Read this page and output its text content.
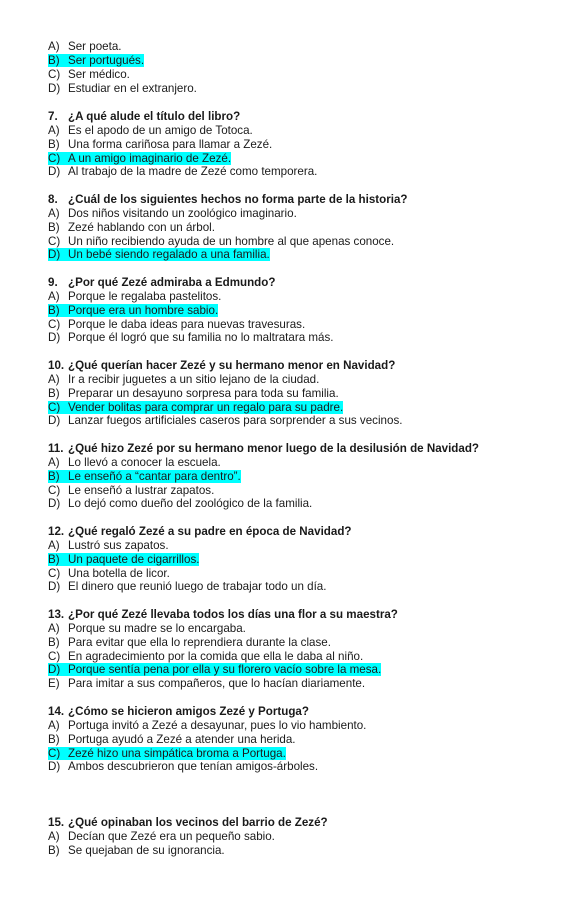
A) Ser poeta.
B) Ser portugués.
C) Ser médico.
D) Estudiar en el extranjero.
7. ¿A qué alude el título del libro?
A) Es el apodo de un amigo de Totoca.
B) Una forma cariñosa para llamar a Zezé.
C) A un amigo imaginario de Zezé.
D) Al trabajo de la madre de Zezé como temporera.
8. ¿Cuál de los siguientes hechos no forma parte de la historia?
A) Dos niños visitando un zoológico imaginario.
B) Zezé hablando con un árbol.
C) Un niño recibiendo ayuda de un hombre al que apenas conoce.
D) Un bebé siendo regalado a una familia.
9. ¿Por qué Zezé admiraba a Edmundo?
A) Porque le regalaba pastelitos.
B) Porque era un hombre sabio.
C) Porque le daba ideas para nuevas travesuras.
D) Porque él logró que su familia no lo maltratara más.
10. ¿Qué querían hacer Zezé y su hermano menor en Navidad?
A) Ir a recibir juguetes a un sitio lejano de la ciudad.
B) Preparar un desayuno sorpresa para toda su familia.
C) Vender bolitas para comprar un regalo para su padre.
D) Lanzar fuegos artificiales caseros para sorprender a sus vecinos.
11. ¿Qué hizo Zezé por su hermano menor luego de la desilusión de Navidad?
A) Lo llevó a conocer la escuela.
B) Le enseñó a “cantar para dentro”.
C) Le enseñó a lustrar zapatos.
D) Lo dejó como dueño del zoológico de la familia.
12. ¿Qué regaló Zezé a su padre en época de Navidad?
A) Lustró sus zapatos.
B) Un paquete de cigarrillos.
C) Una botella de licor.
D) El dinero que reunió luego de trabajar todo un día.
13. ¿Por qué Zezé llevaba todos los días una flor a su maestra?
A) Porque su madre se lo encargaba.
B) Para evitar que ella lo reprendiera durante la clase.
C) En agradecimiento por la comida que ella le daba al niño.
D) Porque sentía pena por ella y su florero vacío sobre la mesa.
E) Para imitar a sus compañeros, que lo hacían diariamente.
14. ¿Cómo se hicieron amigos Zezé y Portuga?
A) Portuga invitó a Zezé a desayunar, pues lo vio hambiento.
B) Portuga ayudó a Zezé a atender una herida.
C) Zezé hizo una simpática broma a Portuga.
D) Ambos descubrieron que tenían amigos-árboles.
15. ¿Qué opinaban los vecinos del barrio de Zezé?
A) Decían que Zezé era un pequeño sabio.
B) Se quejaban de su ignorancia.
